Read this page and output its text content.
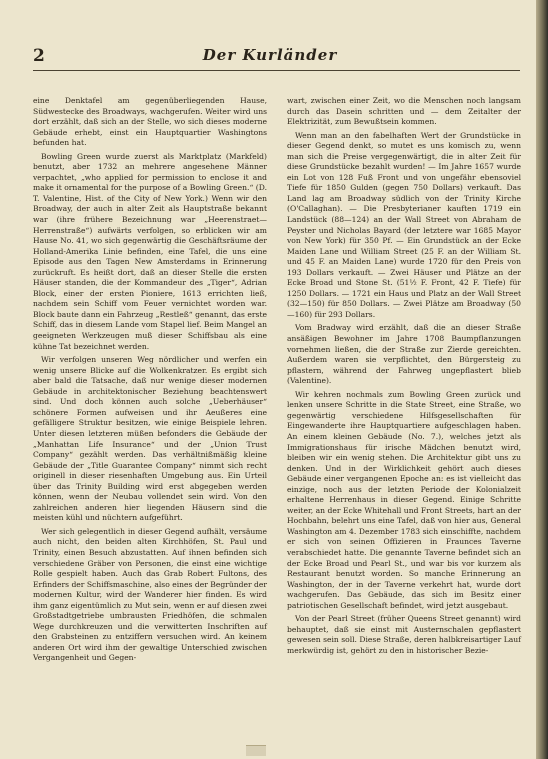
2	Der Kurländer

eine Denktafel am gegenüberliegenden Hause, Südwestecke des Broadways, wachgerufen. Weiter wird uns dort erzählt, daß sich an der Stelle, wo sich dieses moderne Gebäude erhebt, einst ein Hauptquartier Washingtons befunden hat.

Bowling Green wurde zuerst als Marktplatz (Markfeld) benutzt, aber 1732 an mehrere angesehene Männer verpachtet, „who applied for permission to enclose it and make it ornamental for the purpose of a Bowling Green.“ (D. T. Valentine, Hist. of the City of New York.) Wenn wir den Broadway, der auch in alter Zeit als Hauptstraße bekannt war (ihre frühere Bezeichnung war „Heerenstraet—Herrenstraße“) aufwärts verfolgen, so erblicken wir am Hause No. 41, wo sich gegenwärtig die Geschäftsräume der Holland-Amerika Linie befinden, eine Tafel, die uns eine Episode aus den Tagen New Amsterdams in Erinnerung zurückruft. Es heißt dort, daß an dieser Stelle die ersten Häuser standen, die der Kommandeur des „Tiger“, Adrian Block, einer der ersten Pioniere, 1613 errichten ließ, nachdem sein Schiff vom Feuer vernichtet worden war. Block baute dann ein Fahrzeug „Restleß“ genannt, das erste Schiff, das in diesem Lande vom Stapel lief. Beim Mangel an geeigneten Werkzeugen muß dieser Schiffsbau als eine kühne Tat bezeichnet werden.

Wir verfolgen unseren Weg nördlicher und werfen ein wenig unsere Blicke auf die Wolkenkratzer. Es ergibt sich aber bald die Tatsache, daß nur wenige dieser modernen Gebäude in architektonischer Beziehung beachtenswert sind. Und doch können auch solche „Ueberhäuser“ schönere Formen aufweisen und ihr Aeußeres eine gefälligere Struktur besitzen, wie einige Beispiele lehren. Unter diesen letzteren müßen befonders die Gebäude der „Manhattan Life Insurance“ und der „Union Trust Company“ gezählt werden. Das verhältnißmäßig kleine Gebäude der „Title Guarantee Company“ nimmt sich recht originell in dieser riesenhaften Umgebung aus. Ein Urteil über das Trinity Building wird erst abgegeben werden können, wenn der Neubau vollendet sein wird. Von den zahlreichen anderen hier liegenden Häusern sind die meisten kühl und nüchtern aufgeführt.

Wer sich gelegentlich in dieser Gegend aufhält, versäume auch nicht, den beiden alten Kirchhöfen, St. Paul und Trinity, einen Besuch abzustatten. Auf ihnen befinden sich verschiedene Gräber von Personen, die einst eine wichtige Rolle gespielt haben. Auch das Grab Robert Fultons, des Erfinders der Schiffsmaschine, also eines der Begründer der modernen Kultur, wird der Wanderer hier finden. Es wird ihm ganz eigentümlich zu Mut sein, wenn er auf diesen zwei Großstadtgetriebe umbrausten Friedhöfen, die schmalen Wege durchkreuzen und die verwitterten Inschriften auf den Grabsteinen zu entziffern versuchen wird. An keinem anderen Ort wird ihm der gewaltige Unterschied zwischen Vergangenheit und Gegen-

wart, zwischen einer Zeit, wo die Menschen noch langsam durch das Dasein schritten und — dem Zeitalter der Elektrizität, zum Bewußtsein kommen.

Wenn man an den fabelhaften Wert der Grundstücke in dieser Gegend denkt, so mutet es uns komisch zu, wenn man sich die Preise vergegenwärtigt, die in alter Zeit für diese Grundstücke bezahlt wurden! — Im Jahre 1657 wurde ein Lot von 128 Fuß Front und von ungefähr ebensoviel Tiefe für 1850 Gulden (gegen 750 Dollars) verkauft. Das Land lag am Broadway südlich von der Trinity Kirche (O'Callaghan). — Die Presbyterianer kauften 1719 ein Landstück (88—124) an der Wall Street von Abraham de Peyster und Nicholas Bayard (der letztere war 1685 Mayor von New York) für 350 Pf. — Ein Grundstück an der Ecke Maiden Lane und William Street (25 F. an der William St. und 45 F. an Maiden Lane) wurde 1720 für den Preis von 193 Dollars verkauft. — Zwei Häuser und Plätze an der Ecke Broad und Stone St. (51½ F. Front, 42 F. Tiefe) für 1250 Dollars. — 1721 ein Haus und Platz an der Wall Street (32—150) für 850 Dollars. — Zwei Plätze am Broadway (50—160) für 293 Dollars.

Vom Bradway wird erzählt, daß die an dieser Straße ansäßigen Bewohner im Jahre 1708 Baumpflanzungen vornehmen ließen, die der Straße zur Zierde gereichten. Außerdem waren sie verpflichtet, den Bürgersteig zu pflastern, während der Fahrweg ungepflastert blieb (Valentine).

Wir kehren nochmals zum Bowling Green zurück und lenken unsere Schritte in die State Street, eine Straße, wo gegenwärtig verschiedene Hilfsgesellschaften für Eingewanderte ihre Hauptquartiere aufgeschlagen haben. An einem kleinen Gebäude (No. 7.), welches jetzt als Immigrationshaus für irische Mädchen benutzt wird, bleiben wir ein wenig stehen. Die Architektur gibt uns zu denken. Und in der Wirklichkeit gehört auch dieses Gebäude einer vergangenen Epoche an: es ist vielleicht das einzige, noch aus der letzten Periode der Kolonialzeit erhaltene Herrenhaus in dieser Gegend. Einige Schritte weiter, an der Ecke Whitehall und Front Streets, hart an der Hochbahn, belehrt uns eine Tafel, daß von hier aus, General Washington am 4. Dezember 1783 sich einschiffte, nachdem er sich von seinen Offizieren in Fraunces Taverne verabschiedet hatte. Die genannte Taverne befindet sich an der Ecke Broad und Pearl St., und war bis vor kurzem als Restaurant benutzt worden. So manche Erinnerung an Washington, der in der Taverne verkehrt hat, wurde dort wachgerufen. Das Gebäude, das sich im Besitz einer patriotischen Gesellschaft befindet, wird jetzt ausgebaut.

Von der Pearl Street (früher Queens Street genannt) wird behauptet, daß sie einst mit Austernschalen gepflastert gewesen sein soll. Diese Straße, deren halbkreisartiger Lauf merkwürdig ist, gehört zu den in historischer Bezie-
